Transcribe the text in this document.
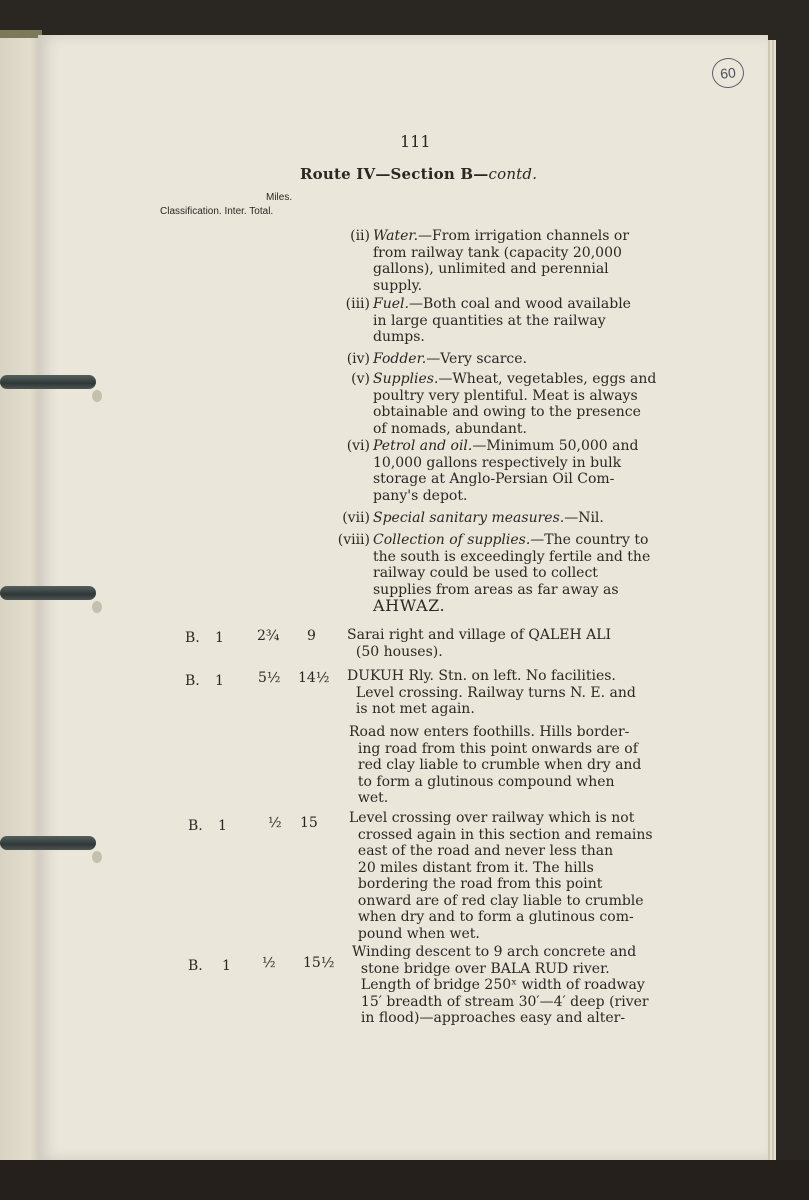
60
111
Route IV—Section B—contd.
Miles.
Classification. Inter. Total.
(ii) Water.—From irrigation channels or
from railway tank (capacity 20,000
gallons), unlimited and perennial
supply.
(iii) Fuel.—Both coal and wood available
in large quantities at the railway
dumps.
(iv) Fodder.—Very scarce.
(v) Supplies.—Wheat, vegetables, eggs and
poultry very plentiful. Meat is always
obtainable and owing to the presence
of nomads, abundant.
(vi) Petrol and oil.—Minimum 50,000 and
10,000 gallons respectively in bulk
storage at Anglo-Persian Oil Com-
pany's depot.
(vii) Special sanitary measures.—Nil.
(viii) Collection of supplies.—The country to
the south is exceedingly fertile and the
railway could be used to collect
supplies from areas as far away as
AHWAZ.
B. 1 2¾ 9 Sarai right and village of QALEH ALI
(50 houses).
B. 1 5½ 14½ DUKUH Rly. Stn. on left. No facilities.
Level crossing. Railway turns N. E. and
is not met again.
Road now enters foothills. Hills border-
ing road from this point onwards are of
red clay liable to crumble when dry and
to form a glutinous compound when
wet.
B. 1	½ 15 Level crossing over railway which is not
crossed again in this section and remains
east of the road and never less than
20 miles distant from it. The hills
bordering the road from this point
onward are of red clay liable to crumble
when dry and to form a glutinous com-
pound when wet.
B. 1 ½ 15½
Winding descent to 9 arch concrete and
stone bridge over BALA RUD river.
Length of bridge 250ˣ width of roadway
15′ breadth of stream 30′—4′ deep (river
in flood)—approaches easy and alter-
